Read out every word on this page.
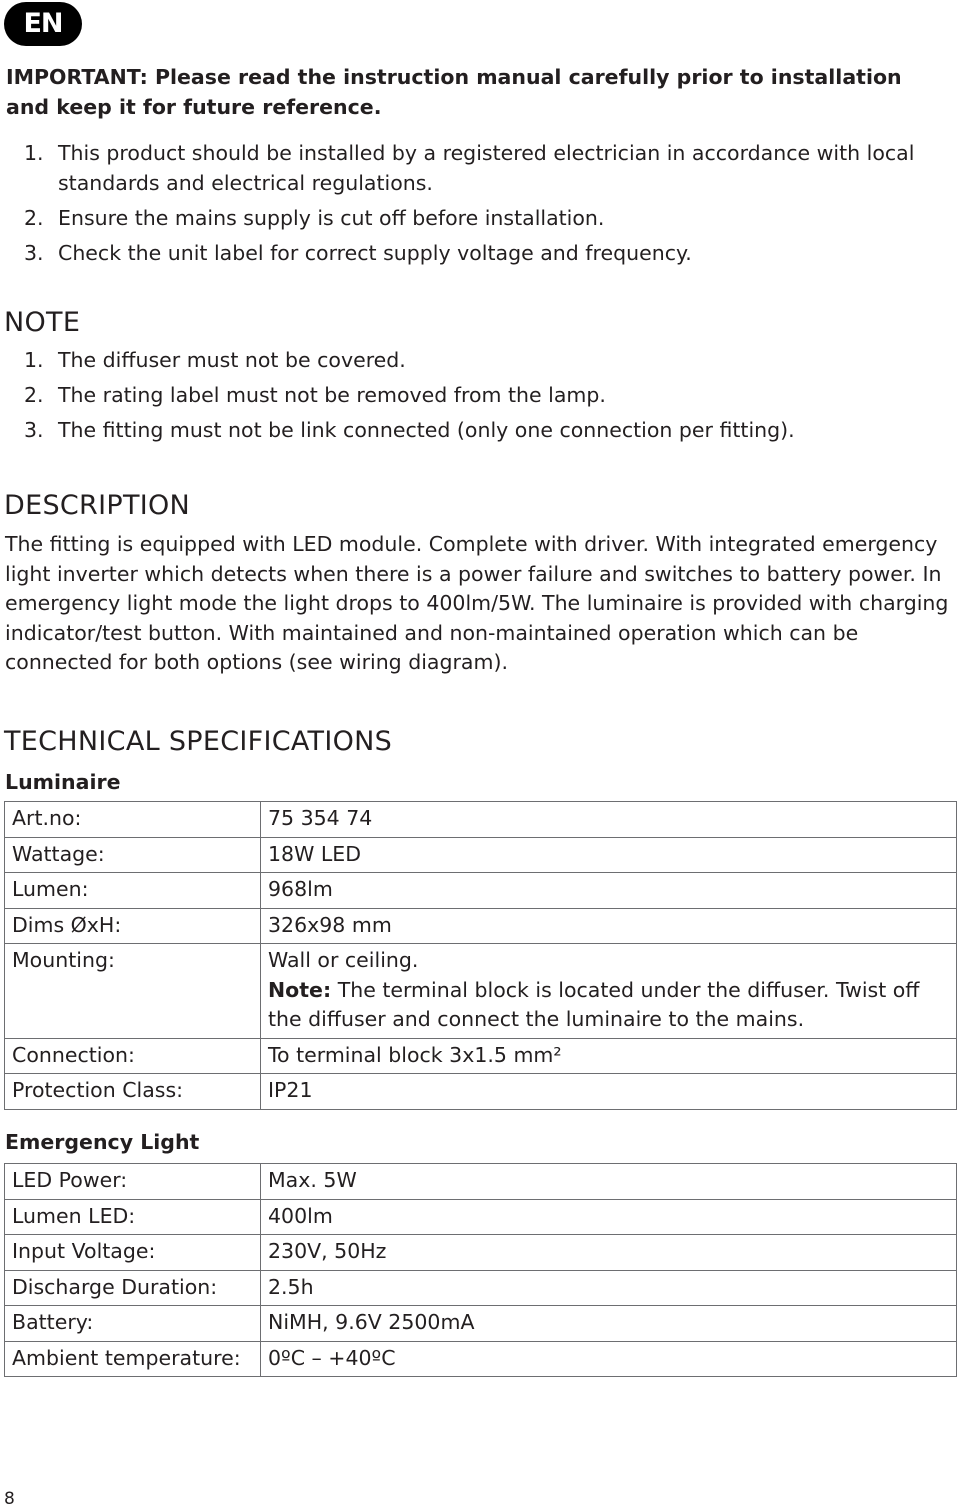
EN
IMPORTANT: Please read the instruction manual carefully prior to installation and keep it for future reference.
1. This product should be installed by a registered electrician in accordance with local standards and electrical regulations.
2. Ensure the mains supply is cut off before installation.
3. Check the unit label for correct supply voltage and frequency.
NOTE
1. The diffuser must not be covered.
2. The rating label must not be removed from the lamp.
3. The fitting must not be link connected (only one connection per fitting).
DESCRIPTION

The fitting is equipped with LED module. Complete with driver. With integrated emergency light inverter which detects when there is a power failure and switches to battery power. In emergency light mode the light drops to 400lm/5W. The luminaire is provided with charging indicator/test button. With maintained and non-maintained operation which can be connected for both options (see wiring diagram).

TECHNICAL SPECIFICATIONS
Luminaire
Art.no:	75 354 74
Wattage:	18W LED
Lumen:	968lm
Dims ØxH:	326x98 mm
Mounting:	Wall or ceiling.
Note: The terminal block is located under the diffuser. Twist off the diffuser and connect the luminaire to the mains.

Connection:	To terminal block 3x1.5 mm²
Protection Class:	IP21
Emergency Light
LED Power:	Max. 5W
Lumen LED:	400lm
Input Voltage:	230V, 50Hz
Discharge Duration:	2.5h
Battery:	NiMH, 9.6V 2500mA
Ambient temperature:	0ºC – +40ºC
8
